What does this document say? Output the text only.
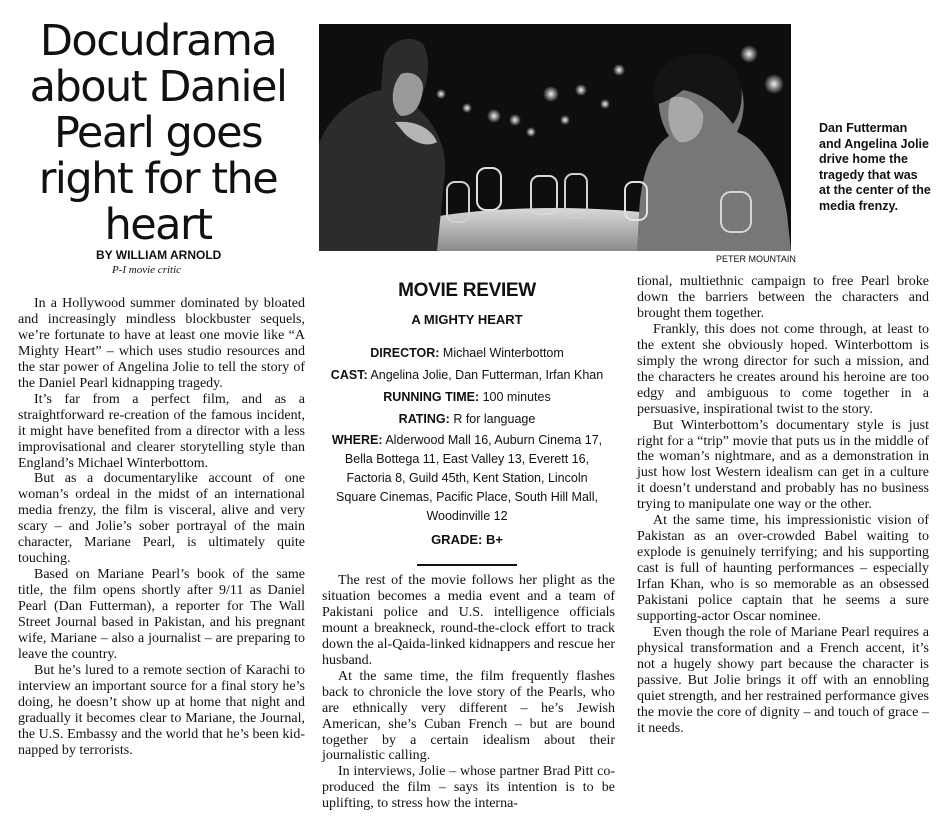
Docudrama about Daniel Pearl goes right for the heart
BY WILLIAM ARNOLD
P-I movie critic
PETER MOUNTAIN
Dan Futterman and Angelina Jolie drive home the tragedy that was at the center of the media frenzy.

In a Hollywood summer dominated by bloated and increasingly mindless blockbuster sequels, we’re fortunate to have at least one movie like “A Mighty Heart” – which uses studio resources and the star power of Angelina Jolie to tell the story of the Daniel Pearl kidnapping tragedy.

It’s far from a perfect film, and as a straightforward re-creation of the famous incident, it might have benefited from a director with a less improvisational and clearer storytelling style than England’s Michael Winterbottom.

But as a documentarylike account of one woman’s ordeal in the midst of an international media frenzy, the film is visceral, alive and very scary – and Jolie’s sober portrayal of the main character, Mariane Pearl, is ultimately quite touching.

Based on Mariane Pearl’s book of the same title, the film opens shortly after 9/11 as Daniel Pearl (Dan Futterman), a reporter for The Wall Street Journal based in Pakistan, and his pregnant wife, Mariane – also a journalist – are preparing to leave the country.

But he’s lured to a remote section of Karachi to interview an important source for a final story he’s doing, he doesn’t show up at home that night and gradually it becomes clear to Mariane, the Journal, the U.S. Embassy and the world that he’s been kidnapped by terrorists.

MOVIE REVIEW
A MIGHTY HEART
DIRECTOR: Michael Winterbottom
CAST: Angelina Jolie, Dan Futterman, Irfan Khan
RUNNING TIME: 100 minutes
RATING: R for language
WHERE: Alderwood Mall 16, Auburn Cinema 17, Bella Bottega 11, East Valley 13, Everett 16, Factoria 8, Guild 45th, Kent Station, Lincoln Square Cinemas, Pacific Place, South Hill Mall, Woodinville 12
GRADE: B+

The rest of the movie follows her plight as the situation becomes a media event and a team of Pakistani police and U.S. intelligence officials mount a breakneck, round-the-clock effort to track down the al-Qaida-linked kidnappers and rescue her husband.

At the same time, the film frequently flashes back to chronicle the love story of the Pearls, who are ethnically very different – he’s Jewish American, she’s Cuban French – but are bound together by a certain idealism about their journalistic calling.

In interviews, Jolie – whose partner Brad Pitt co-produced the film – says its intention is to be uplifting, to stress how the interna-

tional, multiethnic campaign to free Pearl broke down the barriers between the characters and brought them together.

Frankly, this does not come through, at least to the extent she obviously hoped. Winterbottom is simply the wrong director for such a mission, and the characters he creates around his heroine are too edgy and ambiguous to come together in a persuasive, inspirational twist to the story.

But Winterbottom’s documentary style is just right for a “trip” movie that puts us in the middle of the woman’s nightmare, and as a demonstration in just how lost Western idealism can get in a culture it doesn’t understand and probably has no business trying to manipulate one way or the other.

At the same time, his impressionistic vision of Pakistan as an over-crowded Babel waiting to explode is genuinely terrifying; and his supporting cast is full of haunting performances – especially Irfan Khan, who is so memorable as an obsessed Pakistani police captain that he seems a sure supporting-actor Oscar nominee.

Even though the role of Mariane Pearl requires a physical transformation and a French accent, it’s not a hugely showy part because the character is passive. But Jolie brings it off with an ennobling quiet strength, and her restrained performance gives the movie the core of dignity – and touch of grace – it needs.
